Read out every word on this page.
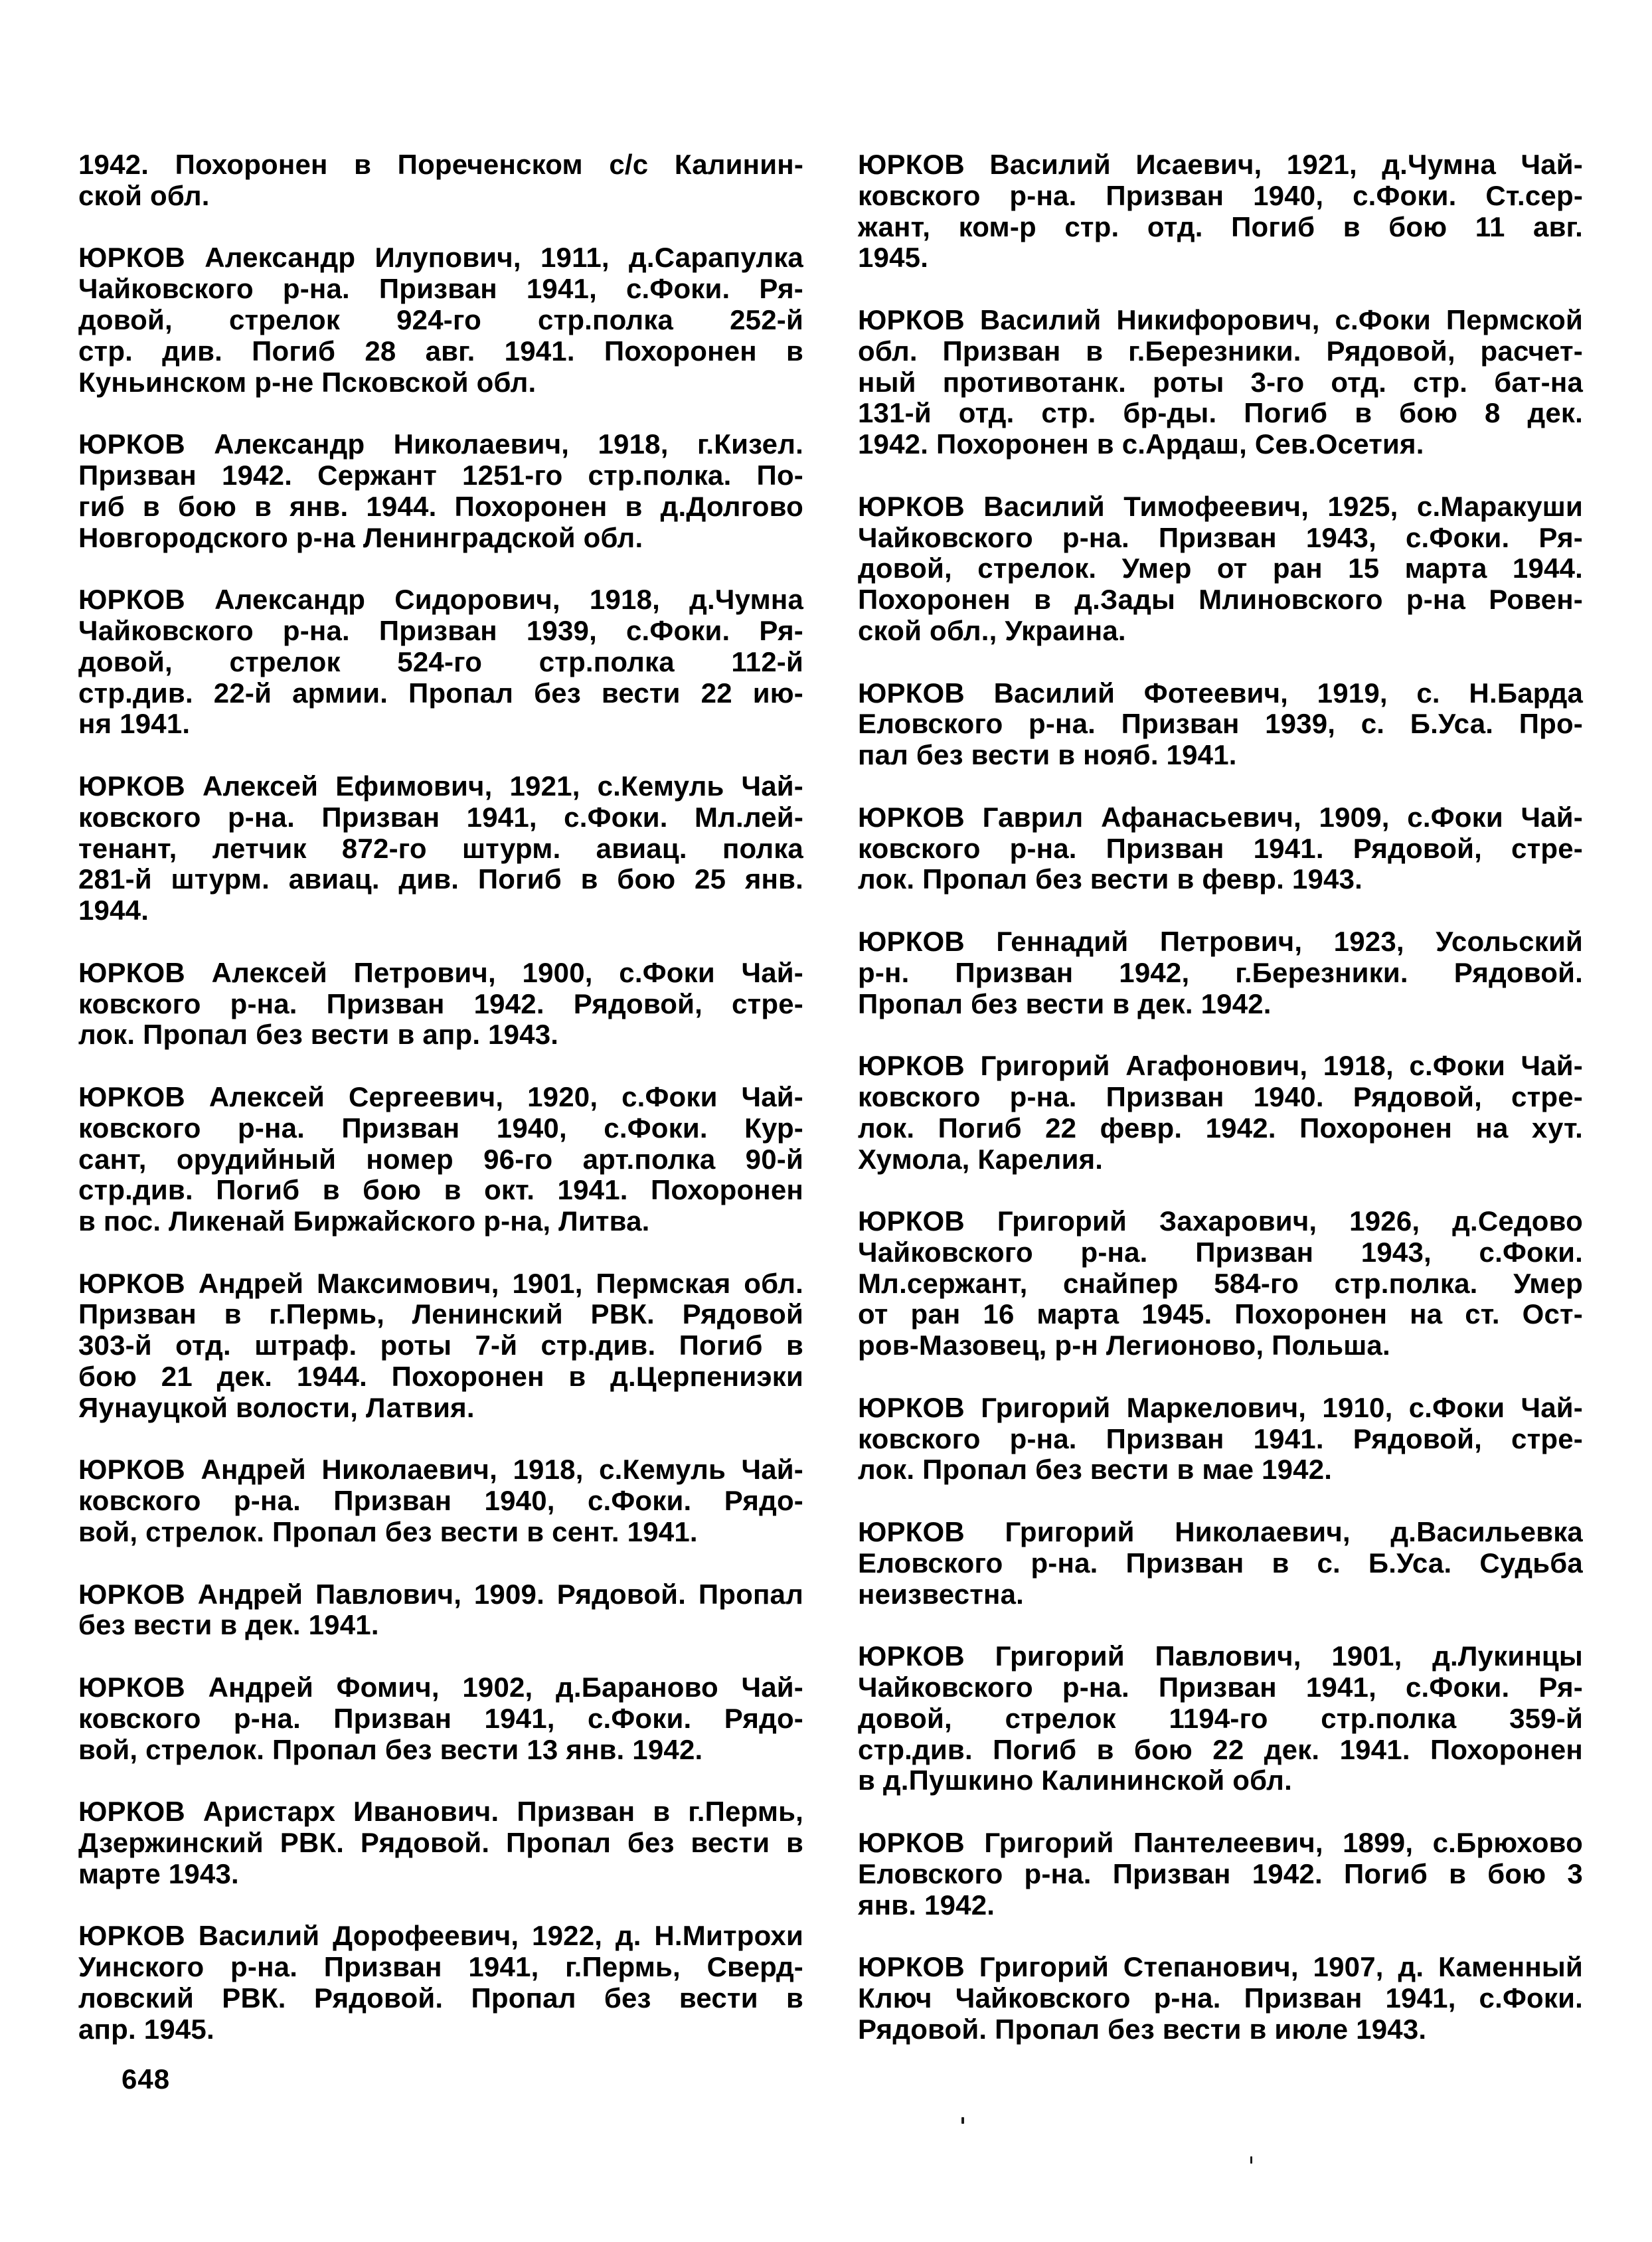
1942. Похоронен в Пореченском с/с Калинин-
ской обл.
ЮРКОВ Александр Илупович, 1911, д.Сарапулка
Чайковского р-на. Призван 1941, с.Фоки. Ря-
довой, стрелок 924-го стр.полка 252-й
стр. див. Погиб 28 авг. 1941. Похоронен в
Куньинском р-не Псковской обл.
ЮРКОВ Александр Николаевич, 1918, г.Кизел.
Призван 1942. Сержант 1251-го стр.полка. По-
гиб в бою в янв. 1944. Похоронен в д.Долгово
Новгородского р-на Ленинградской обл.
ЮРКОВ Александр Сидорович, 1918, д.Чумна
Чайковского р-на. Призван 1939, с.Фоки. Ря-
довой, стрелок 524-го стр.полка 112-й
стр.див. 22-й армии. Пропал без вести 22 ию-
ня 1941.
ЮРКОВ Алексей Ефимович, 1921, с.Кемуль Чай-
ковского р-на. Призван 1941, с.Фоки. Мл.лей-
тенант, летчик 872-го штурм. авиац. полка
281-й штурм. авиац. див. Погиб в бою 25 янв.
1944.
ЮРКОВ Алексей Петрович, 1900, с.Фоки Чай-
ковского р-на. Призван 1942. Рядовой, стре-
лок. Пропал без вести в апр. 1943.
ЮРКОВ Алексей Сергеевич, 1920, с.Фоки Чай-
ковского р-на. Призван 1940, с.Фоки. Кур-
сант, орудийный номер 96-го арт.полка 90-й
стр.див. Погиб в бою в окт. 1941. Похоронен
в пос. Ликенай Биржайского р-на, Литва.
ЮРКОВ Андрей Максимович, 1901, Пермская обл.
Призван в г.Пермь, Ленинский РВК. Рядовой
303-й отд. штраф. роты 7-й стр.див. Погиб в
бою 21 дек. 1944. Похоронен в д.Церпениэки
Яунауцкой волости, Латвия.
ЮРКОВ Андрей Николаевич, 1918, с.Кемуль Чай-
ковского р-на. Призван 1940, с.Фоки. Рядо-
вой, стрелок. Пропал без вести в сент. 1941.
ЮРКОВ Андрей Павлович, 1909. Рядовой. Пропал
без вести в дек. 1941.
ЮРКОВ Андрей Фомич, 1902, д.Бараново Чай-
ковского р-на. Призван 1941, с.Фоки. Рядо-
вой, стрелок. Пропал без вести 13 янв. 1942.
ЮРКОВ Аристарх Иванович. Призван в г.Пермь,
Дзержинский РВК. Рядовой. Пропал без вести в
марте 1943.
ЮРКОВ Василий Дорофеевич, 1922, д. Н.Митрохи
Уинского р-на. Призван 1941, г.Пермь, Сверд-
ловский РВК. Рядовой. Пропал без вести в
апр. 1945.
ЮРКОВ Василий Исаевич, 1921, д.Чумна Чай-
ковского р-на. Призван 1940, с.Фоки. Ст.сер-
жант, ком-р стр. отд. Погиб в бою 11 авг.
1945.
ЮРКОВ Василий Никифорович, с.Фоки Пермской
обл. Призван в г.Березники. Рядовой, расчет-
ный противотанк. роты 3-го отд. стр. бат-на
131-й отд. стр. бр-ды. Погиб в бою 8 дек.
1942. Похоронен в с.Ардаш, Сев.Осетия.
ЮРКОВ Василий Тимофеевич, 1925, с.Маракуши
Чайковского р-на. Призван 1943, с.Фоки. Ря-
довой, стрелок. Умер от ран 15 марта 1944.
Похоронен в д.Зады Млиновского р-на Ровен-
ской обл., Украина.
ЮРКОВ Василий Фотеевич, 1919, с. Н.Барда
Еловского р-на. Призван 1939, с. Б.Уса. Про-
пал без вести в нояб. 1941.
ЮРКОВ Гаврил Афанасьевич, 1909, с.Фоки Чай-
ковского р-на. Призван 1941. Рядовой, стре-
лок. Пропал без вести в февр. 1943.
ЮРКОВ Геннадий Петрович, 1923, Усольский
р-н. Призван 1942, г.Березники. Рядовой.
Пропал без вести в дек. 1942.
ЮРКОВ Григорий Агафонович, 1918, с.Фоки Чай-
ковского р-на. Призван 1940. Рядовой, стре-
лок. Погиб 22 февр. 1942. Похоронен на хут.
Хумола, Карелия.
ЮРКОВ Григорий Захарович, 1926, д.Седово
Чайковского р-на. Призван 1943, с.Фоки.
Мл.сержант, снайпер 584-го стр.полка. Умер
от ран 16 марта 1945. Похоронен на ст. Ост-
ров-Мазовец, р-н Легионово, Польша.
ЮРКОВ Григорий Маркелович, 1910, с.Фоки Чай-
ковского р-на. Призван 1941. Рядовой, стре-
лок. Пропал без вести в мае 1942.
ЮРКОВ Григорий Николаевич, д.Васильевка
Еловского р-на. Призван в с. Б.Уса. Судьба
неизвестна.
ЮРКОВ Григорий Павлович, 1901, д.Лукинцы
Чайковского р-на. Призван 1941, с.Фоки. Ря-
довой, стрелок 1194-го стр.полка 359-й
стр.див. Погиб в бою 22 дек. 1941. Похоронен
в д.Пушкино Калининской обл.
ЮРКОВ Григорий Пантелеевич, 1899, с.Брюхово
Еловского р-на. Призван 1942. Погиб в бою 3
янв. 1942.
ЮРКОВ Григорий Степанович, 1907, д. Каменный
Ключ Чайковского р-на. Призван 1941, с.Фоки.
Рядовой. Пропал без вести в июле 1943.
648
